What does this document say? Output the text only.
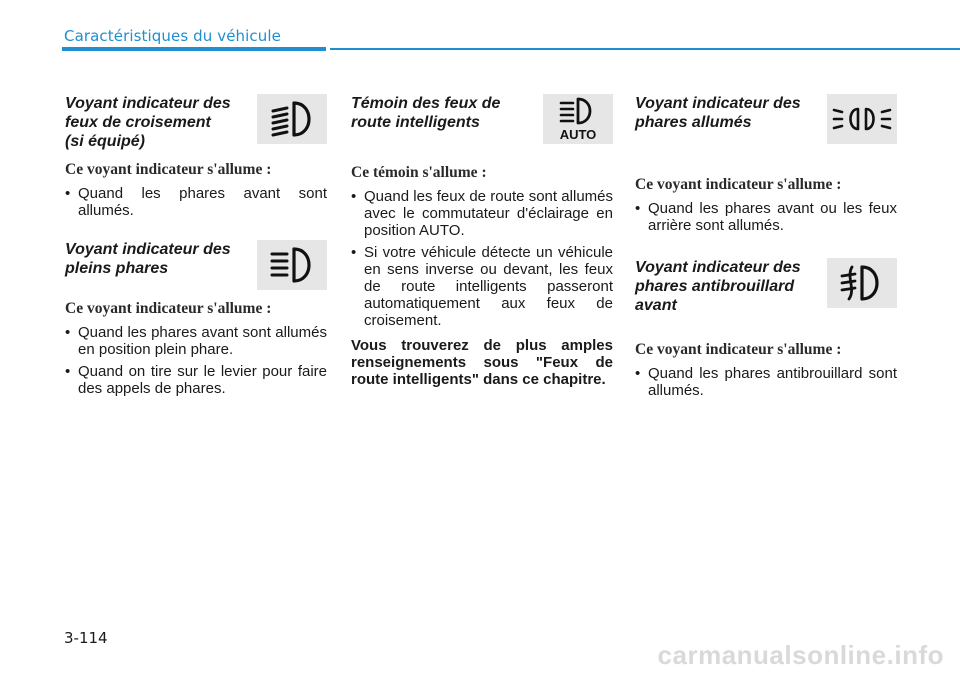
Caractéristiques du véhicule
Voyant indicateur des
feux de croisement
(si équipé)

Ce voyant indicateur s'allume :

• Quand les phares avant sont allumés.
Voyant indicateur des
pleins phares

Ce voyant indicateur s'allume :

• Quand les phares avant sont allumés en position plein phare.
• Quand on tire sur le levier pour faire des appels de phares.
Témoin des feux de
route intelligents
AUTO

Ce témoin s'allume :

• Quand les feux de route sont allumés avec le commutateur d'éclairage en position AUTO.
• Si votre véhicule détecte un véhicule en sens inverse ou devant, les feux de route intelligents passeront automatiquement aux feux de croisement.

Vous trouverez de plus amples renseignements sous "Feux de route intelligents" dans ce chapitre.

Voyant indicateur des
phares allumés

Ce voyant indicateur s'allume :

• Quand les phares avant ou les feux arrière sont allumés.
Voyant indicateur des
phares antibrouillard
avant

Ce voyant indicateur s'allume :

• Quand les phares antibrouillard sont allumés.
3-114
carmanualsonline.info
